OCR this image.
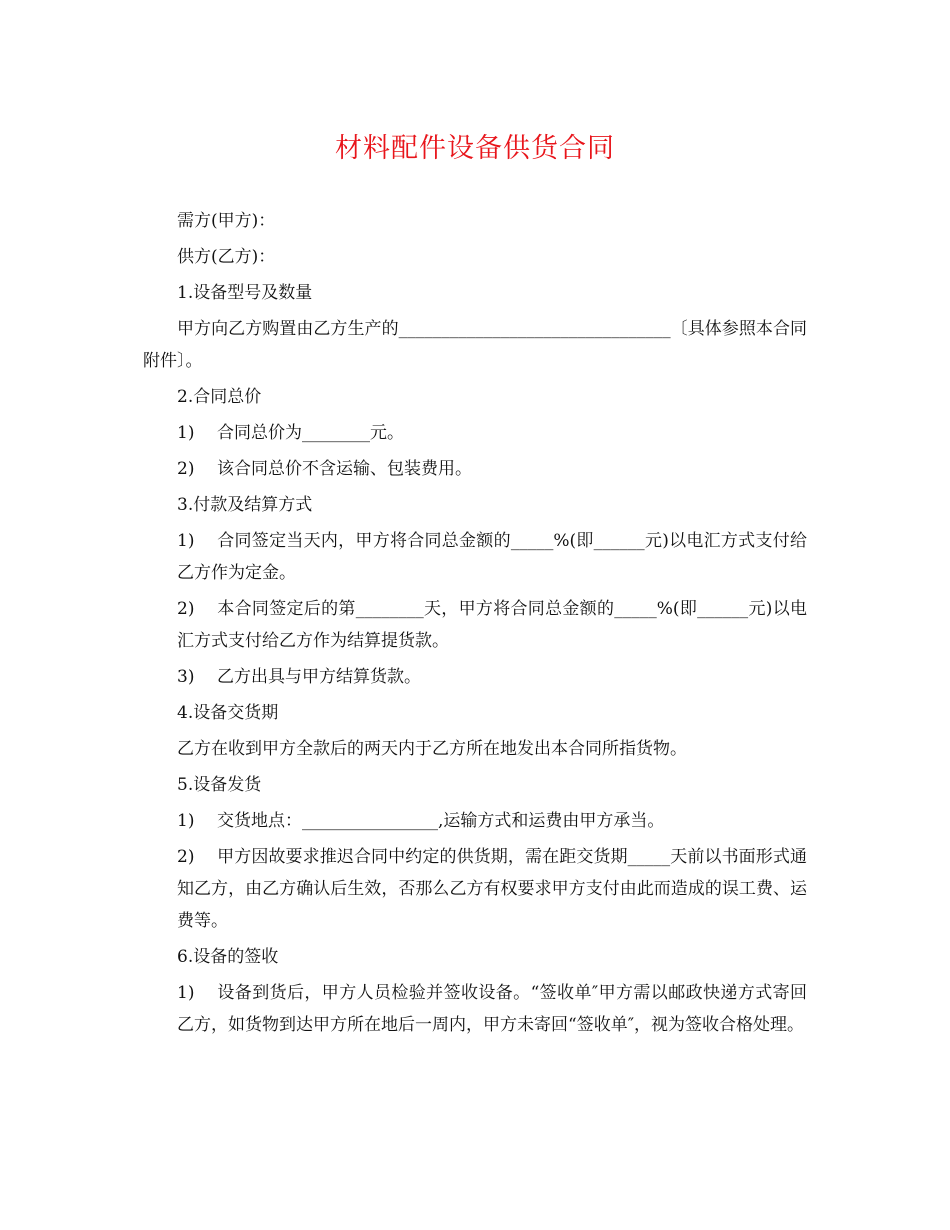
材料配件设备供货合同

需方(甲方)：

供方(乙方)：

1.设备型号及数量

甲方向乙方购置由乙方生产的________________________________〔具体参照本合同附件〕。

2.合同总价

1) 合同总价为________元。

2) 该合同总价不含运输、包装费用。

3.付款及结算方式

1) 合同签定当天内，甲方将合同总金额的_____%(即______元)以电汇方式支付给乙方作为定金。

2) 本合同签定后的第________天，甲方将合同总金额的_____%(即______元)以电汇方式支付给乙方作为结算提货款。

3) 乙方出具与甲方结算货款。

4.设备交货期

乙方在收到甲方全款后的两天内于乙方所在地发出本合同所指货物。

5.设备发货

1) 交货地点：________________,运输方式和运费由甲方承当。

2) 甲方因故要求推迟合同中约定的供货期，需在距交货期_____天前以书面形式通知乙方，由乙方确认后生效，否那么乙方有权要求甲方支付由此而造成的误工费、运费等。

6.设备的签收

1) 设备到货后，甲方人员检验并签收设备。“签收单″甲方需以邮政快递方式寄回乙方，如货物到达甲方所在地后一周内，甲方未寄回“签收单″，视为签收合格处理。
